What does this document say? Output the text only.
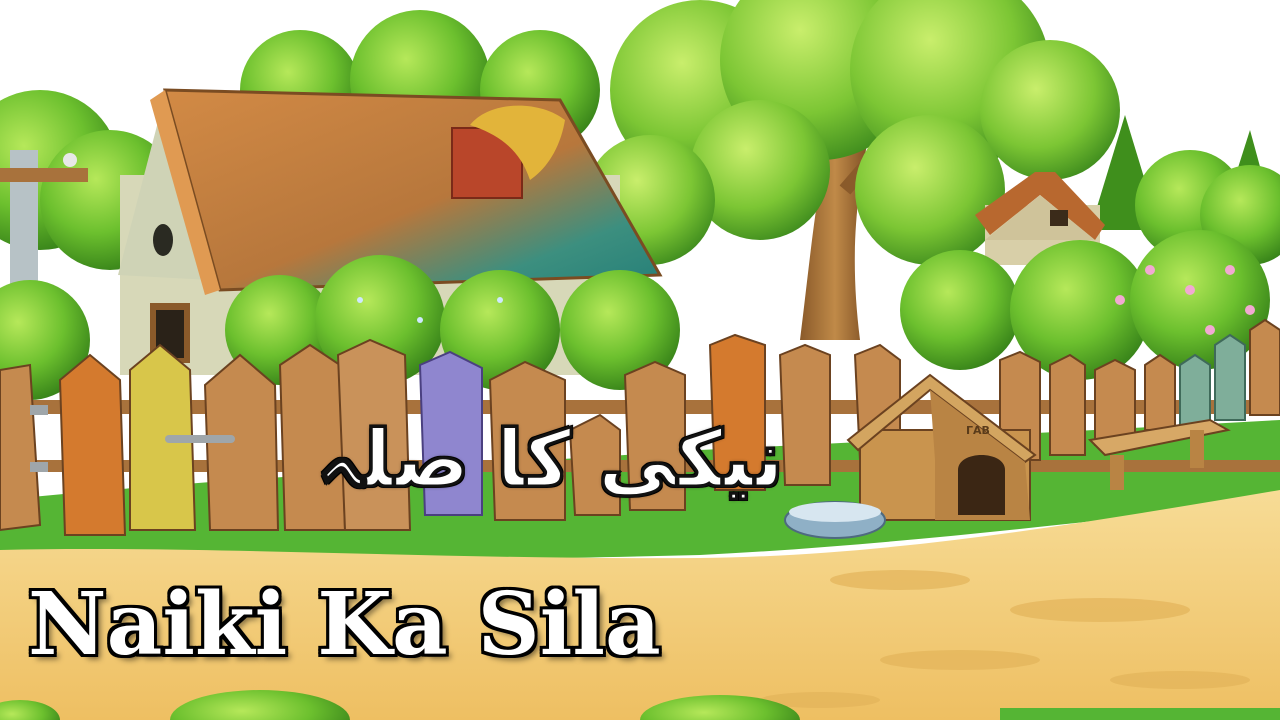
ГАВ
نیکی کا صلہ
Naiki Ka Sila
